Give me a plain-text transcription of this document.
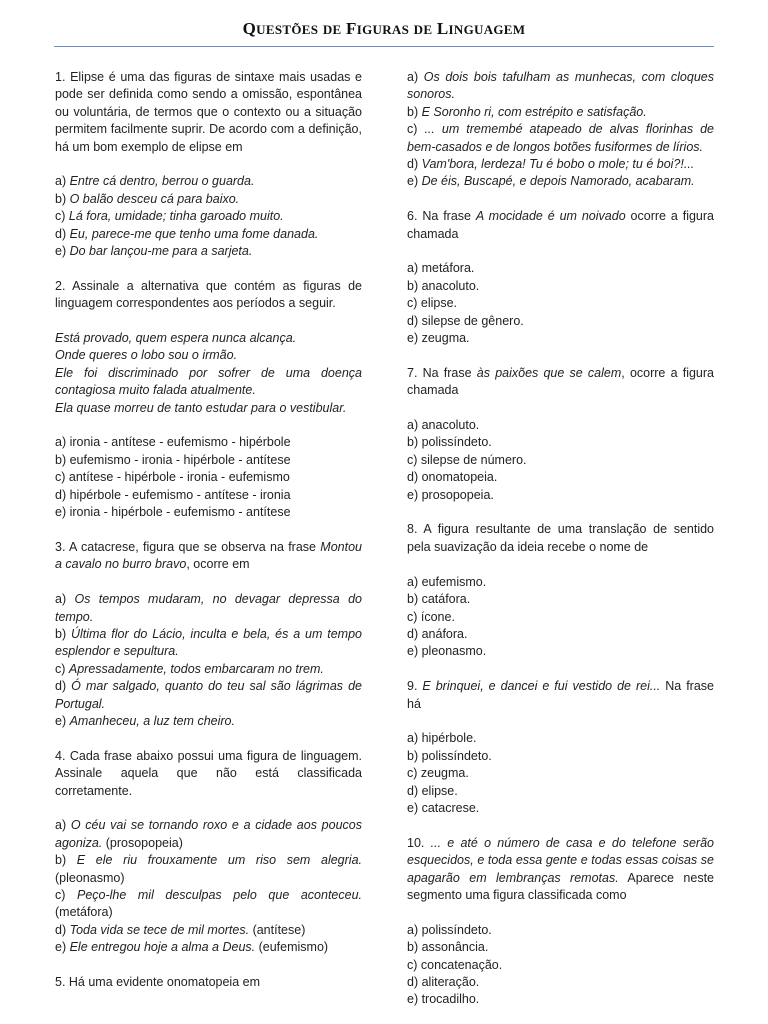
QUESTÕES DE FIGURAS DE LINGUAGEM

1. Elipse é uma das figuras de sintaxe mais usadas e pode ser definida como sendo a omissão, espontânea ou voluntária, de termos que o contexto ou a situação permitem facilmente suprir. De acordo com a definição, há um bom exemplo de elipse em

a) Entre cá dentro, berrou o guarda.

b) O balão desceu cá para baixo.

c) Lá fora, umidade; tinha garoado muito.

d) Eu, parece-me que tenho uma fome danada.

e) Do bar lançou-me para a sarjeta.

2. Assinale a alternativa que contém as figuras de linguagem correspondentes aos períodos a seguir.

Está provado, quem espera nunca alcança.

Onde queres o lobo sou o irmão.

Ele foi discriminado por sofrer de uma doença contagiosa muito falada atualmente.

Ela quase morreu de tanto estudar para o vestibular.

a) ironia - antítese - eufemismo - hipérbole

b) eufemismo - ironia - hipérbole - antítese

c) antítese - hipérbole - ironia - eufemismo

d) hipérbole - eufemismo - antítese - ironia

e) ironia - hipérbole - eufemismo - antítese

3. A catacrese, figura que se observa na frase Montou a cavalo no burro bravo, ocorre em

a) Os tempos mudaram, no devagar depressa do tempo.

b) Última flor do Lácio, inculta e bela, és a um tempo esplendor e sepultura.

c) Apressadamente, todos embarcaram no trem.

d) Ó mar salgado, quanto do teu sal são lágrimas de Portugal.

e) Amanheceu, a luz tem cheiro.

4. Cada frase abaixo possui uma figura de linguagem. Assinale aquela que não está classificada corretamente.

a) O céu vai se tornando roxo e a cidade aos poucos agoniza. (prosopopeia)

b) E ele riu frouxamente um riso sem alegria. (pleonasmo)

c) Peço-lhe mil desculpas pelo que aconteceu. (metáfora)

d) Toda vida se tece de mil mortes. (antítese)

e) Ele entregou hoje a alma a Deus. (eufemismo)

5. Há uma evidente onomatopeia em

a) Os dois bois tafulham as munhecas, com cloques sonoros.

b) E Soronho ri, com estrépito e satisfação.

c) ... um tremembé atapeado de alvas florinhas de bem-casados e de longos botões fusiformes de lírios.

d) Vam'bora, lerdeza! Tu é bobo o mole; tu é boi?!...

e) De éis, Buscapé, e depois Namorado, acabaram.

6. Na frase A mocidade é um noivado ocorre a figura chamada

a) metáfora.

b) anacoluto.

c) elipse.

d) silepse de gênero.

e) zeugma.

7. Na frase às paixões que se calem, ocorre a figura chamada

a) anacoluto.

b) polissíndeto.

c) silepse de número.

d) onomatopeia.

e) prosopopeia.

8. A figura resultante de uma translação de sentido pela suavização da ideia recebe o nome de

a) eufemismo.

b) catáfora.

c) ícone.

d) anáfora.

e) pleonasmo.

9. E brinquei, e dancei e fui vestido de rei... Na frase há

a) hipérbole.

b) polissíndeto.

c) zeugma.

d) elipse.

e) catacrese.

10. ... e até o número de casa e do telefone serão esquecidos, e toda essa gente e todas essas coisas se apagarão em lembranças remotas. Aparece neste segmento uma figura classificada como

a) polissíndeto.

b) assonância.

c) concatenação.

d) aliteração.

e) trocadilho.
